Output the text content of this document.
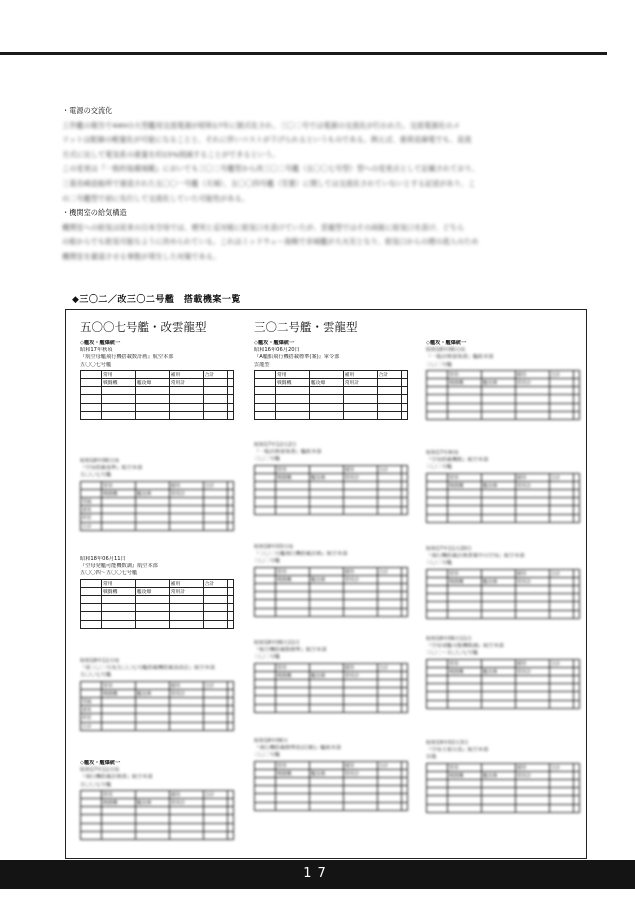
・電源の交流化
工作艦の報告で44Hの大型艦用交流電源が昭和17年に制式化され、三〇二号では電源の交流化が行われた。交流電源化のメ
リットは配線の軽量化が可能になることと、それに伴いコストが下げられるというものである。例えば、重荷直線電でも、直流
方式に比して電気系の重量を約15%削減することができるという。
この変更は『一般的装備規範』においても三〇二号艦型から改三〇二号艦（五〇〇七号型）型への変更点として記載されており、
三菱長崎造船所で建造された五〇〇一号艦（天城）、五〇〇四号艦（笠置）に関しては交流化されていないとする記述があり、こ
の二号艦型で初に先行して交流化していた可能性がある。
・機関室の給気構造
機関室への給気は従来の日本空母では、煙突と反対舷に給気口を設けていたが、雲龍型ではその両舷に給気口を設け、どちら
の舷からでも給気可能なように改められている。これはミッドウェー海戦で赤城艦が大火災となり、給気口からの煙の流入のため
機関室を避退させる事態が発生した対策である。
◆三〇二／改三〇二号艦　搭載機案一覧
五〇〇七号艦・改雲龍型	三〇二号艦・雲龍型
◇艦攻・艦爆統一
昭和17年秋頃
『航空母艦飛行機搭載数計画』航空本部
五〇〇七号艦
	常用		補用	合計	
	戦闘機	艦攻爆	常用計		

昭和18年06月頃
『空母搭載基準』航空本部
五〇〇七号艦
	常用		補用	合計	
	戦闘機	艦攻爆	常用計		
烈風					
流星					
彩雲					
小計					
昭和18年06月11日
『空母発艦可能機数調』航空本部
五〇〇四〜五〇〇七号艦
	常用		補用	合計	
	戦闘機	艦攻爆	常用計		

昭和18年11月頃
『第三〇二号及五〇〇七号艦搭載機搭載表改訂』航空本部
五〇〇七号艦
	常用		補用	合計	
	戦闘機	艦攻爆	常用計		
烈風					
流星					
彩雲					
小計					
◇艦攻・艦爆統一
昭和17年11月頃
『飛行機搭載計画書』航空本部
五〇〇七号艦
	常用		補用	合計	
	戦闘機	艦攻爆	常用計		

◇艦攻・艦爆統一
昭和16年06月20日
『A艦船飛行機搭載標準(案)』軍令部
雲龍型
	常用		補用	合計	
	戦闘機	艦攻爆	常用計		

昭和17年12月2日
『一般計画要領書』艦政本部
三〇二号艦
	常用		補用	合計	
	戦闘機	艦攻爆	常用計		

昭和18年03月頃
『三〇二号艦飛行機搭載計画』航空本部
三〇二号艦
	常用		補用	合計	
	戦闘機	艦攻爆	常用計		

昭和18年06月11日
『航空機搭載数標準』航空本部
三〇二号艦
	常用		補用	合計	
	戦闘機	艦攻爆	常用計		

昭和18年06月
『飛行機搭載標準改訂(案)』艦政本部
三〇二号艦
	常用		補用	合計	
	戦闘機	艦攻爆	常用計		

◇艦攻・艦爆統一
昭和18年06月頃
『一般計画要領書』艦政本部
三〇二号艦
	常用		補用	合計	
	戦闘機	艦攻爆	常用計		

昭和17年秋頃
『空母搭載機数』航空本部
三〇二号艦
	常用		補用	合計	
	戦闘機	艦攻爆	常用計		

昭和17年11月20日
『飛行機搭載計画書案中の空母』航空本部
三〇二号艦
	常用		補用	合計	
	戦闘機	艦攻爆	常用計		

昭和18年06月11日
『空母発艦可能機数調』航空本部
三〇二〜五〇〇七号艦
	常用		補用	合計	
	戦闘機	艦攻爆	常用計		

昭和19年02月3日
『空母主要目表』航空本部
雲龍
	常用		補用	合計	
	戦闘機	艦攻爆	常用計		

17
